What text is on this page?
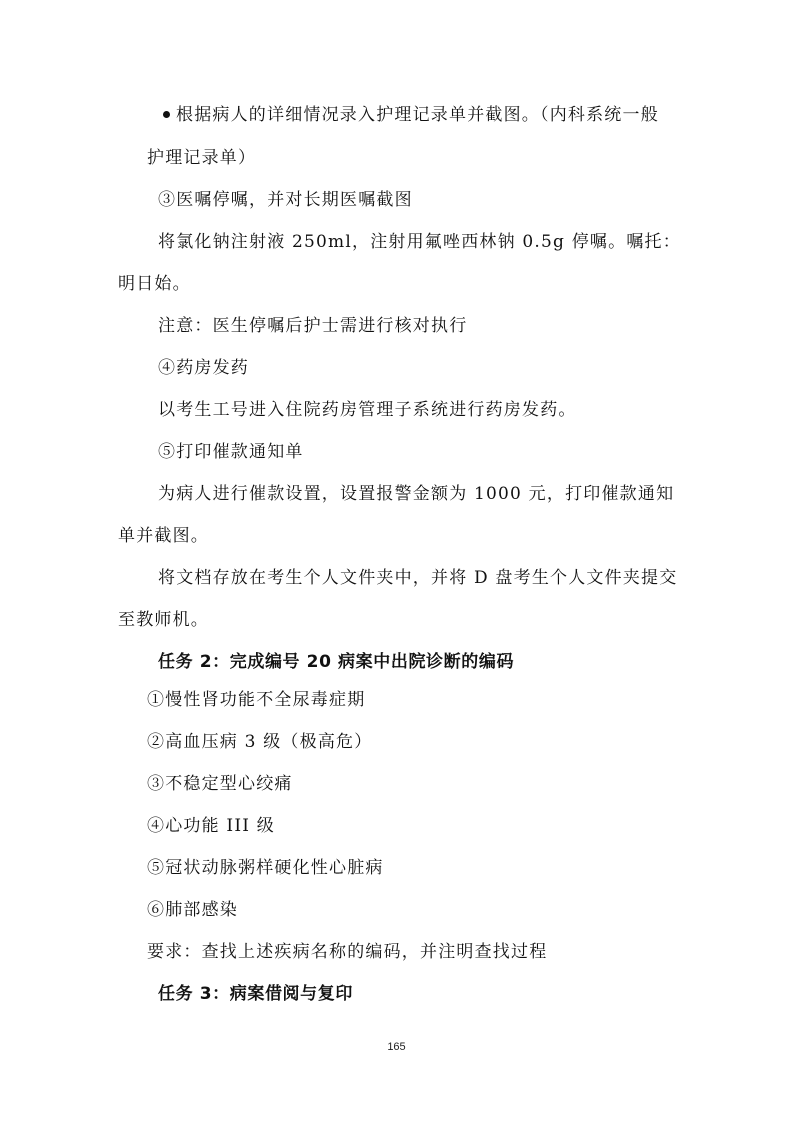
根据病人的详细情况录入护理记录单并截图。（内科系统一般
护理记录单）
③医嘱停嘱，并对长期医嘱截图
将氯化钠注射液 250ml，注射用氟唑西林钠 0.5g 停嘱。嘱托：
明日始。
注意：医生停嘱后护士需进行核对执行
④药房发药
以考生工号进入住院药房管理子系统进行药房发药。
⑤打印催款通知单
为病人进行催款设置，设置报警金额为 1000 元，打印催款通知
单并截图。
将文档存放在考生个人文件夹中，并将 D 盘考生个人文件夹提交
至教师机。
任务 2：完成编号 20 病案中出院诊断的编码
①慢性肾功能不全尿毒症期
②高血压病 3 级（极高危）
③不稳定型心绞痛
④心功能 III 级
⑤冠状动脉粥样硬化性心脏病
⑥肺部感染
要求：查找上述疾病名称的编码，并注明查找过程
任务 3：病案借阅与复印
165
